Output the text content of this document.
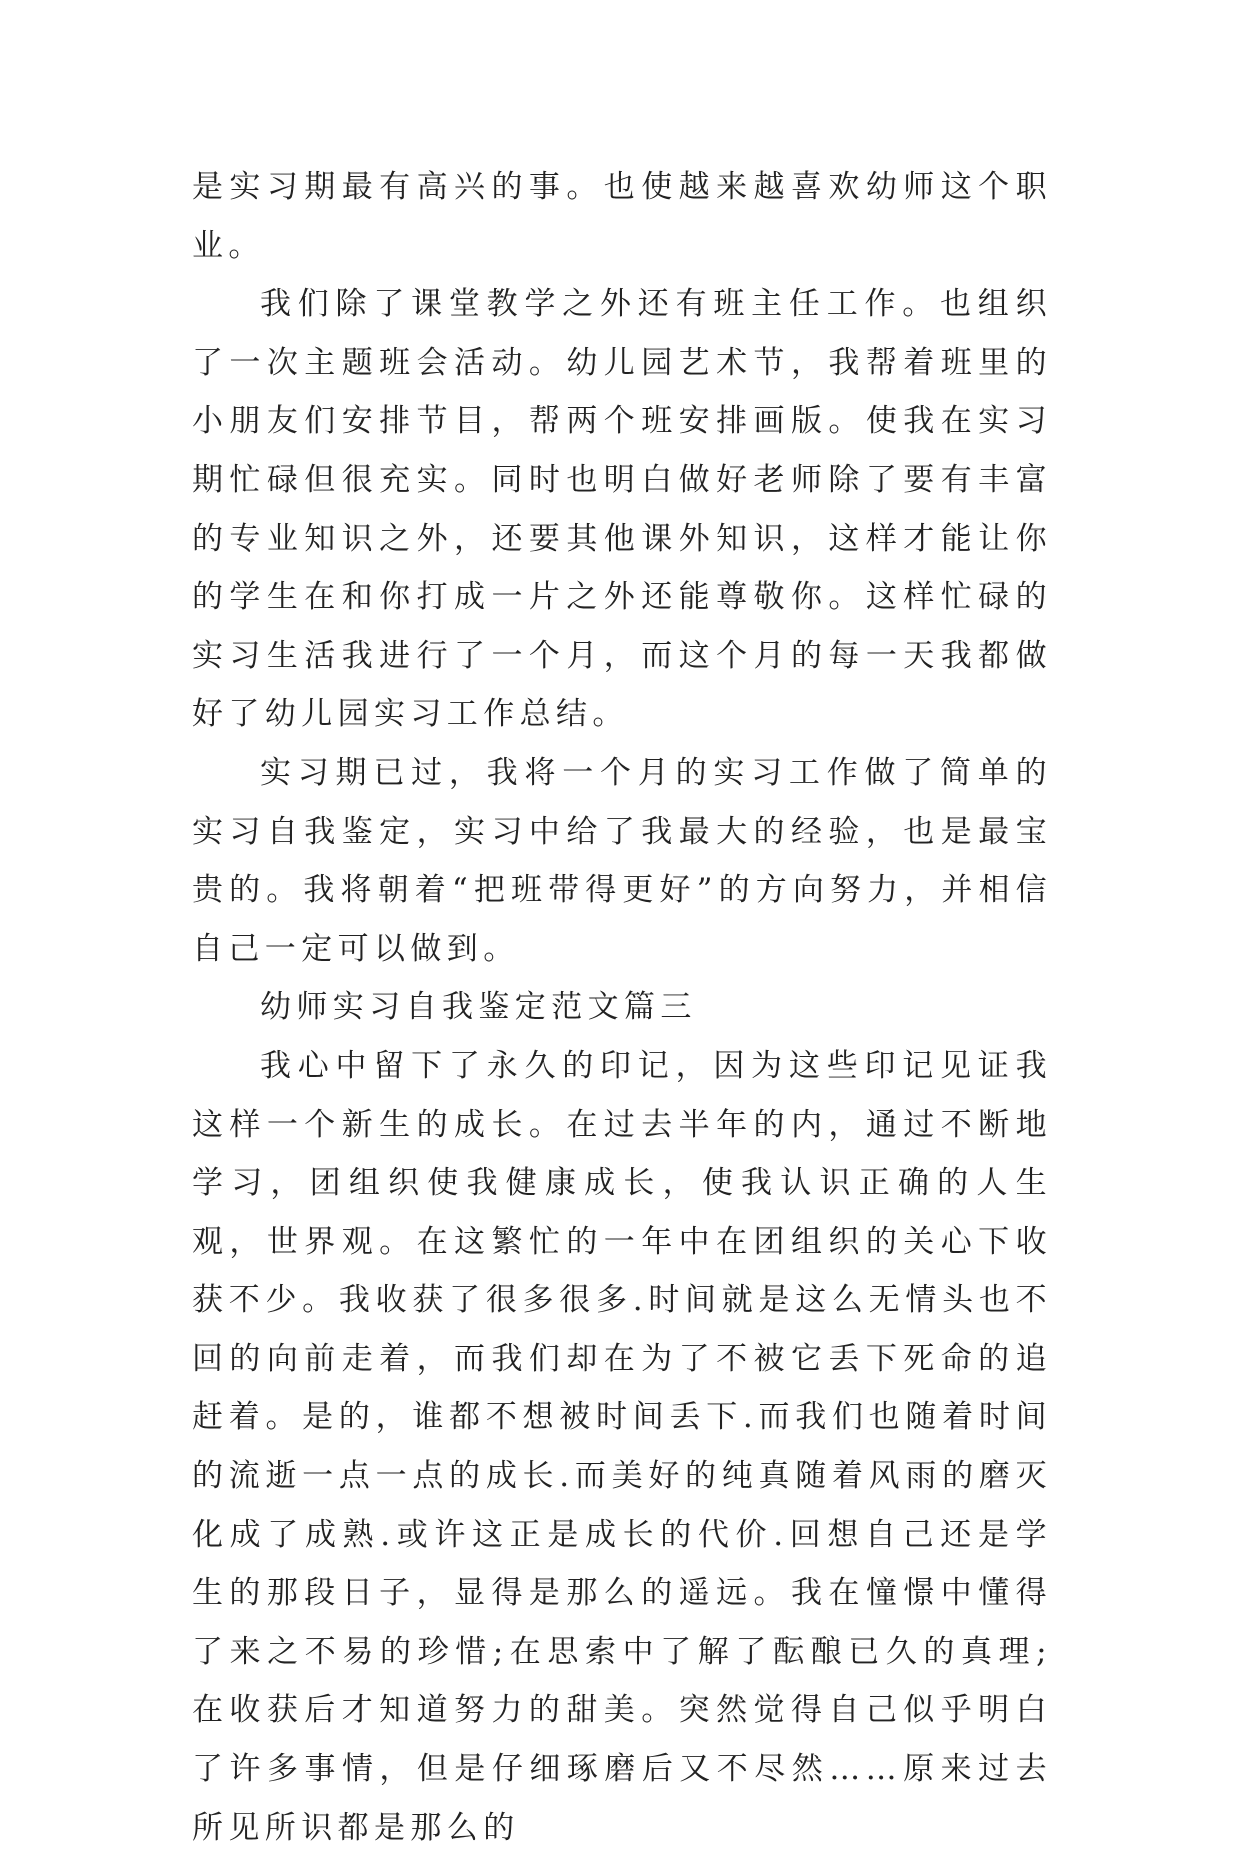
是实习期最有高兴的事。也使越来越喜欢幼师这个职业。

我们除了课堂教学之外还有班主任工作。也组织了一次主题班会活动。幼儿园艺术节，我帮着班里的小朋友们安排节目，帮两个班安排画版。使我在实习期忙碌但很充实。同时也明白做好老师除了要有丰富的专业知识之外，还要其他课外知识，这样才能让你的学生在和你打成一片之外还能尊敬你。这样忙碌的实习生活我进行了一个月，而这个月的每一天我都做好了幼儿园实习工作总结。

实习期已过，我将一个月的实习工作做了简单的实习自我鉴定，实习中给了我最大的经验，也是最宝贵的。我将朝着“把班带得更好”的方向努力，并相信自己一定可以做到。

幼师实习自我鉴定范文篇三

我心中留下了永久的印记，因为这些印记见证我这样一个新生的成长。在过去半年的内，通过不断地学习，团组织使我健康成长，使我认识正确的人生观，世界观。在这繁忙的一年中在团组织的关心下收获不少。我收获了很多很多.时间就是这么无情头也不回的向前走着，而我们却在为了不被它丢下死命的追赶着。是的，谁都不想被时间丢下.而我们也随着时间的流逝一点一点的成长.而美好的纯真随着风雨的磨灭化成了成熟.或许这正是成长的代价.回想自己还是学生的那段日子，显得是那么的遥远。我在憧憬中懂得了来之不易的珍惜;在思索中了解了酝酿已久的真理;在收获后才知道努力的甜美。突然觉得自己似乎明白了许多事情，但是仔细琢磨后又不尽然……原来过去所见所识都是那么的
